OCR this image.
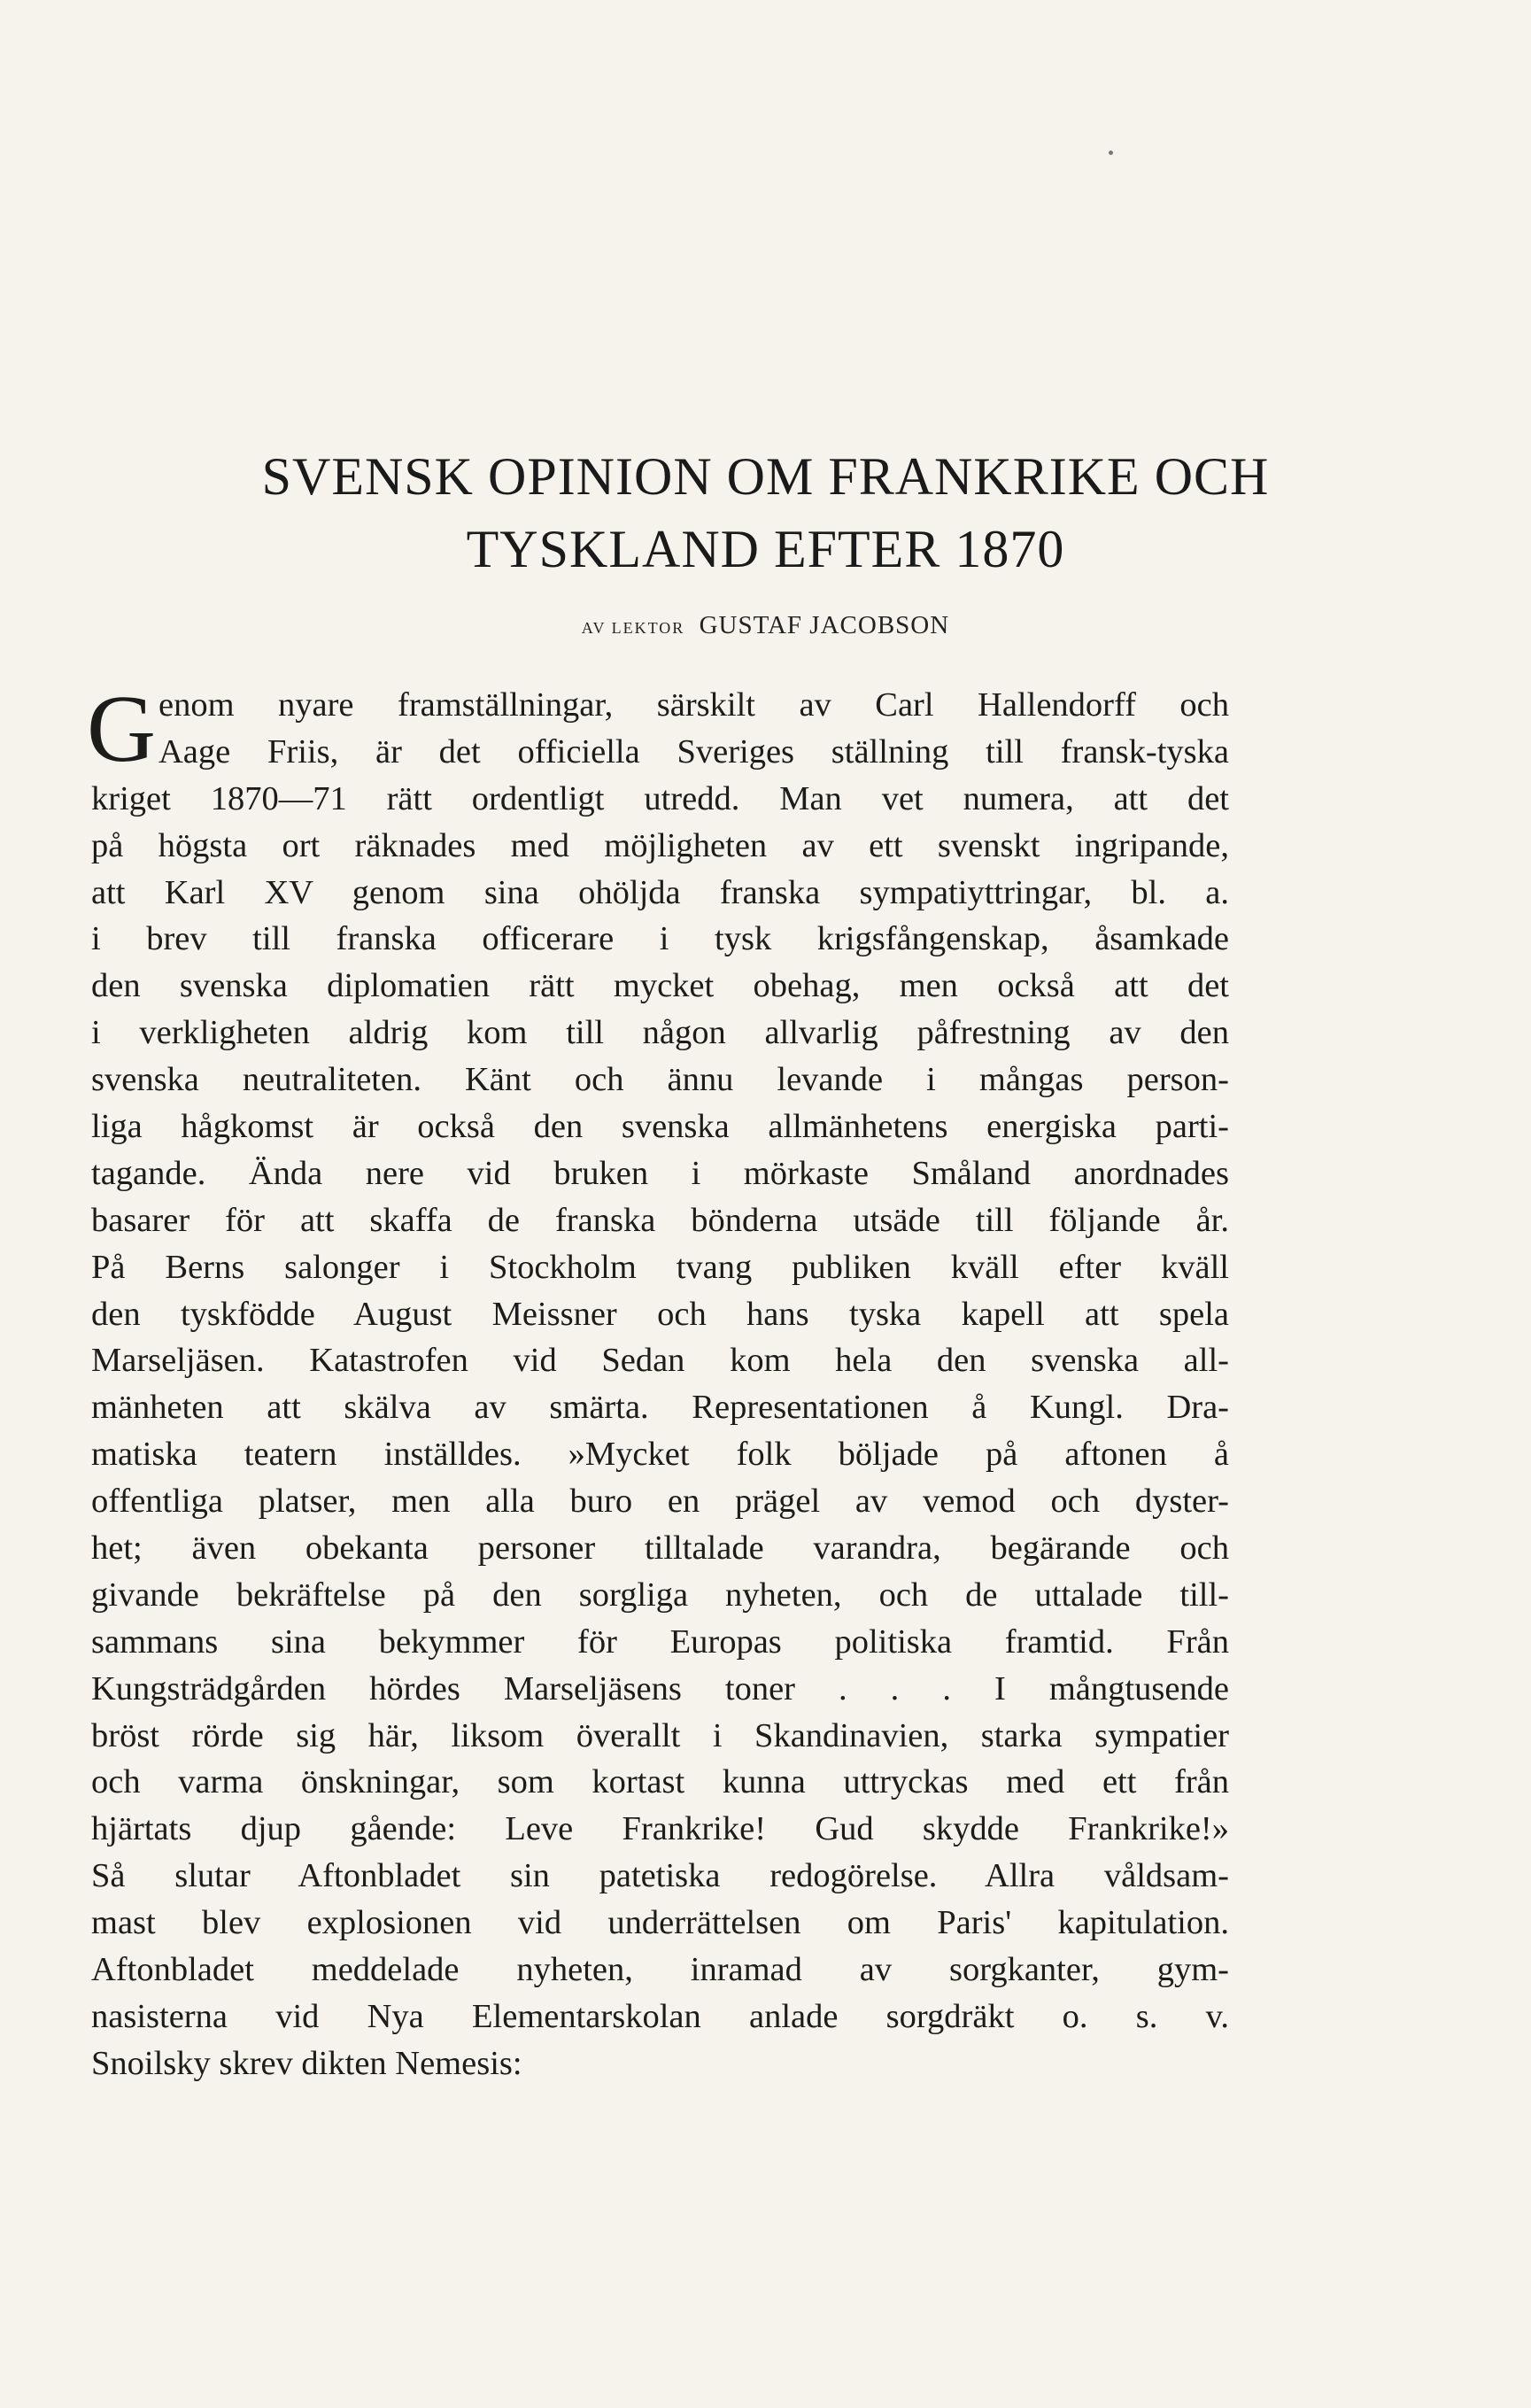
SVENSK OPINION OM FRANKRIKE OCH
TYSKLAND EFTER 1870
AV LEKTOR GUSTAF JACOBSON
G enom nyare framställningar, särskilt av Carl Hallendorff och
Aage Friis, är det officiella Sveriges ställning till fransk-tyska
kriget 1870—71 rätt ordentligt utredd. Man vet numera, att det
på högsta ort räknades med möjligheten av ett svenskt ingripande,
att Karl XV genom sina ohöljda franska sympatiyttringar, bl. a.
i brev till franska officerare i tysk krigsfångenskap, åsamkade
den svenska diplomatien rätt mycket obehag, men också att det
i verkligheten aldrig kom till någon allvarlig påfrestning av den
svenska neutraliteten. Känt och ännu levande i mångas person-
liga hågkomst är också den svenska allmänhetens energiska parti-
tagande. Ända nere vid bruken i mörkaste Småland anordnades
basarer för att skaffa de franska bönderna utsäde till följande år.
På Berns salonger i Stockholm tvang publiken kväll efter kväll
den tyskfödde August Meissner och hans tyska kapell att spela
Marseljäsen. Katastrofen vid Sedan kom hela den svenska all-
mänheten att skälva av smärta. Representationen å Kungl. Dra-
matiska teatern inställdes. »Mycket folk böljade på aftonen å
offentliga platser, men alla buro en prägel av vemod och dyster-
het; även obekanta personer tilltalade varandra, begärande och
givande bekräftelse på den sorgliga nyheten, och de uttalade till-
sammans sina bekymmer för Europas politiska framtid. Från
Kungsträdgården hördes Marseljäsens toner . . . I mångtusende
bröst rörde sig här, liksom överallt i Skandinavien, starka sympatier
och varma önskningar, som kortast kunna uttryckas med ett från
hjärtats djup gående: Leve Frankrike! Gud skydde Frankrike!»
Så slutar Aftonbladet sin patetiska redogörelse. Allra våldsam-
mast blev explosionen vid underrättelsen om Paris' kapitulation.
Aftonbladet meddelade nyheten, inramad av sorgkanter, gym-
nasisterna vid Nya Elementarskolan anlade sorgdräkt o. s. v.
Snoilsky skrev dikten Nemesis:
